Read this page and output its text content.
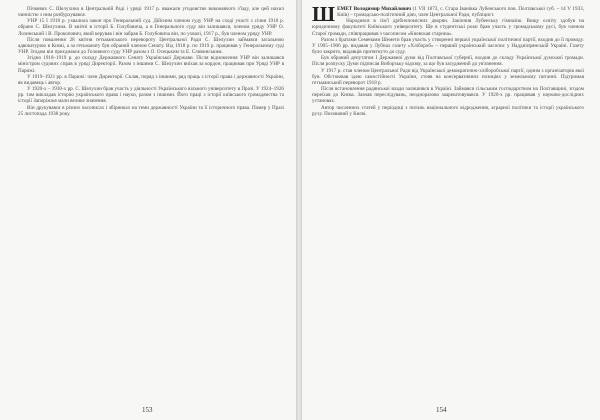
Пічкевих С. Шелухина в Центральній Раді і уряді 1917 р. вважали угодовство виконавчого з'їзду, але цей нахил чинністю з ним розбурхувався.

УНР 15 I 1918 р. ухвалила закон про Генеральний суд. Дійсним членом суду УНР на сході участі з січня 1918 р. обрано С. Шелухина. В квітні в історії Б. Голубовича, а в Генерального суду він залишався, членом уряду УНР О. Лозинський і В. Прокопович, який керував і він забрав Б. Голубовича він, по ухвалі, 1917 р., був членом уряду УНР.

Після повалення 28 квітня гетьманського перевороту Центральної Ради С. Шелухин займався загальною адвокатурою в Києві, а за гетьманату був обраний членом Сенату. Від 1918 р. по 1919 р. працював у Генеральному суді УНР. Згодом він приєднався до Головного суду УНР разом з О. Осецьким та Е. Сливинським.

Згідно 1918–1919 р. до складу Державного Сенату Української Держави. Після відновлення УНР він залишався міністром судових справ в уряді Директорії. Разом з іншими С. Шелухин виїхав за кордон, працював при Уряді УНР в Парижі.

У 1919–1921 рр. в Парижі: член Директорії. Склав, поряд з іншими, ряд праць з історії права і державності України, як видавець і автор.

У 1920-х – 1930-х рр. С. Шелухин брав участь у діяльності Українського вільного університету в Празі. У 1924–1926 рр. там викладав історію українського права і науки, разом з іншими. Його праці з історії київського громадянства та історії Запоріжжя мали велике значення.

Він друкувався в різних часописах і збірниках на теми державності України та її історичного права. Помер у Празі 25 листопада 1938 року.

153
Ш ЕМЕТ Володимир Михайлович (1 VII 1873, с. Стара Іванівка Лубенського пов. Полтавської губ. – 14 V 1933, Київ) – громадсько-політичний діяч, член Центральної Ради, публіцист.

Народився в сім'ї дрібнопомісних дворян. Закінчив Лубенську гімназію. Вищу освіту здобув на юридичному факультеті Київського університету. Ще в студентські роки брав участь у громадському русі, був членом Старої громади, співпрацював з часописом «Киевская старина».

Разом з братами Семенами Шемети брав участь у створенні першої української політичної партії, входив до її проводу. У 1905–1906 рр. видавав у Лубнах газету «Хлібороб» – перший український часопис у Наддніпрянській Україні. Газету було закрито, видавців притягнуто до суду.

Був обраний депутатом І Державної думи від Полтавської губернії, входив до складу Української думської громади. Після розпуску Думи підписав Виборзьку відозву, за що був засуджений до ув'язнення.

У 1917 р. став членом Центральної Ради від Української демократично-хліборобської партії, одним з організаторів якої був. Обстоював ідею самостійності України, стояв на консервативних позиціях у земельному питанні. Підтримав гетьманський переворот 1918 р.

Після встановлення радянської влади залишився в Україні. Займався сільським господарством на Полтавщині, згодом переїхав до Києва. Зазнав переслідувань, неодноразово заарештовувався. У 1920-х рр. працював у науково-дослідних установах.

Автор численних статей у періодиці з питань національного відродження, аграрної політики та історії українського руху. Похований у Києві.

154
